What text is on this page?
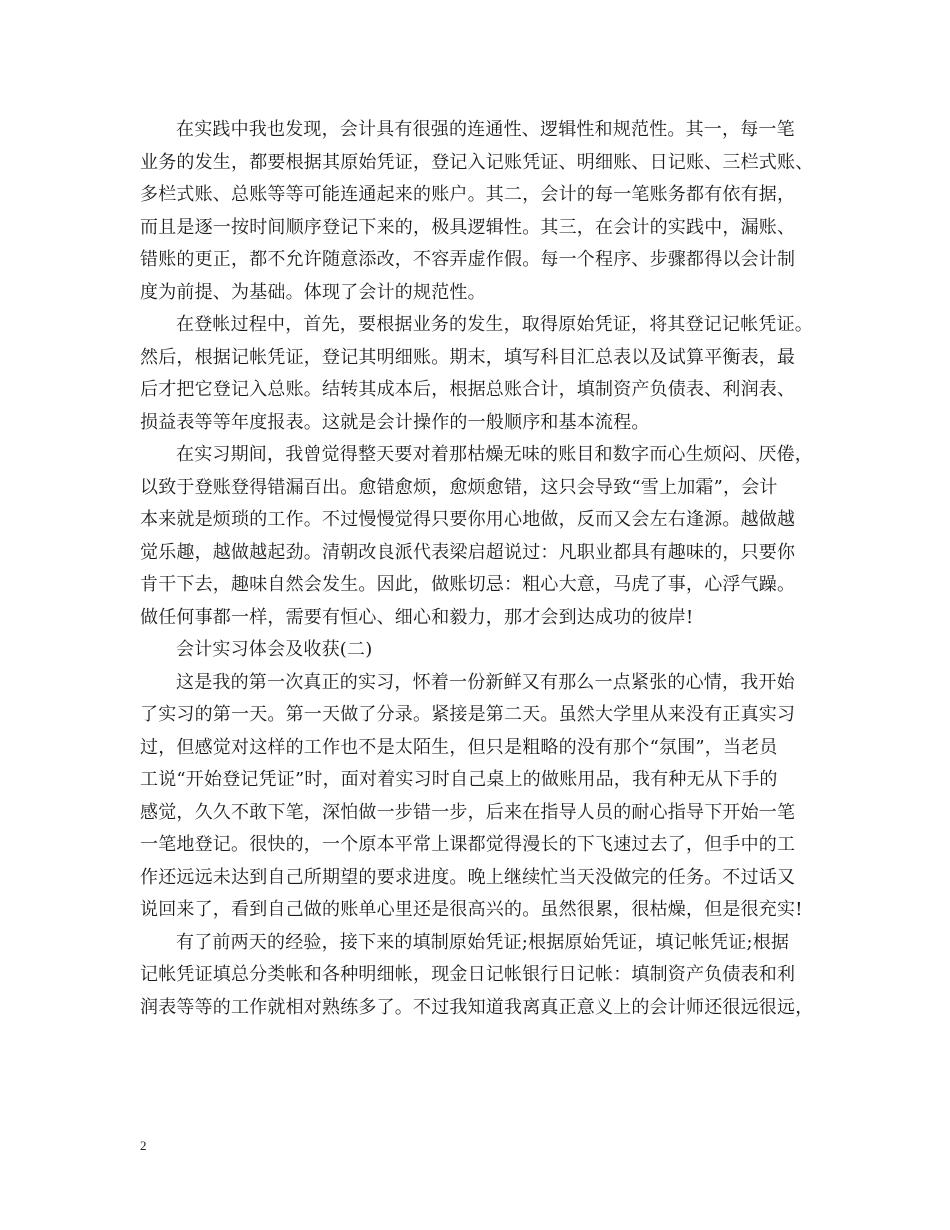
在实践中我也发现，会计具有很强的连通性、逻辑性和规范性。其一，每一笔
业务的发生，都要根据其原始凭证，登记入记账凭证、明细账、日记账、三栏式账、
多栏式账、总账等等可能连通起来的账户。其二，会计的每一笔账务都有依有据，
而且是逐一按时间顺序登记下来的，极具逻辑性。其三，在会计的实践中，漏账、
错账的更正，都不允许随意添改，不容弄虚作假。每一个程序、步骤都得以会计制
度为前提、为基础。体现了会计的规范性。

在登帐过程中，首先，要根据业务的发生，取得原始凭证，将其登记记帐凭证。
然后，根据记帐凭证，登记其明细账。期末，填写科目汇总表以及试算平衡表，最
后才把它登记入总账。结转其成本后，根据总账合计，填制资产负债表、利润表、
损益表等等年度报表。这就是会计操作的一般顺序和基本流程。

在实习期间，我曾觉得整天要对着那枯燥无味的账目和数字而心生烦闷、厌倦，
以致于登账登得错漏百出。愈错愈烦，愈烦愈错，这只会导致“雪上加霜”，会计
本来就是烦琐的工作。不过慢慢觉得只要你用心地做，反而又会左右逢源。越做越
觉乐趣，越做越起劲。清朝改良派代表梁启超说过：凡职业都具有趣味的，只要你
肯干下去，趣味自然会发生。因此，做账切忌：粗心大意，马虎了事，心浮气躁。
做任何事都一样，需要有恒心、细心和毅力，那才会到达成功的彼岸!

会计实习体会及收获(二)

这是我的第一次真正的实习，怀着一份新鲜又有那么一点紧张的心情，我开始
了实习的第一天。第一天做了分录。紧接是第二天。虽然大学里从来没有正真实习
过，但感觉对这样的工作也不是太陌生，但只是粗略的没有那个“氛围”，当老员
工说“开始登记凭证”时，面对着实习时自己桌上的做账用品，我有种无从下手的
感觉，久久不敢下笔，深怕做一步错一步，后来在指导人员的耐心指导下开始一笔
一笔地登记。很快的，一个原本平常上课都觉得漫长的下飞速过去了，但手中的工
作还远远未达到自己所期望的要求进度。晚上继续忙当天没做完的任务。不过话又
说回来了，看到自己做的账单心里还是很高兴的。虽然很累，很枯燥，但是很充实!

有了前两天的经验，接下来的填制原始凭证;根据原始凭证，填记帐凭证;根据
记帐凭证填总分类帐和各种明细帐，现金日记帐银行日记帐：填制资产负债表和利
润表等等的工作就相对熟练多了。不过我知道我离真正意义上的会计师还很远很远，

2
